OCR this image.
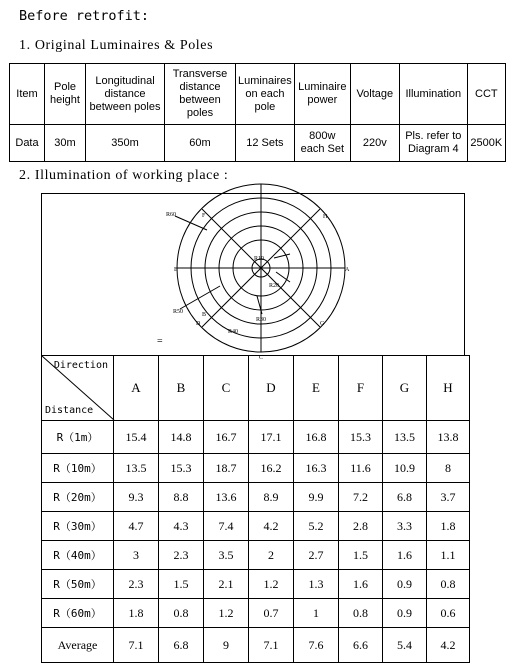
Before retrofit:
1. Original Luminaires & Poles
Item	Pole height	Longitudinal distance between poles	Transverse distance between poles	Luminaires on each pole	Luminaire power	Voltage	Illumination	CCT
Data	30m	350m	60m	12 Sets	800w each Set	220v	Pls. refer to Diagram 4	2500K
2. Illumination of working place :
R60	F	H
E	A
R10
R20
R30
R40
R50
D
B
G
C
=
Direction
Distance	A	B	C	D	E	F	G	H
R（1m）	15.4	14.8	16.7	17.1	16.8	15.3	13.5	13.8
R（10m）	13.5	15.3	18.7	16.2	16.3	11.6	10.9	8
R（20m）	9.3	8.8	13.6	8.9	9.9	7.2	6.8	3.7
R（30m）	4.7	4.3	7.4	4.2	5.2	2.8	3.3	1.8
R（40m）	3	2.3	3.5	2	2.7	1.5	1.6	1.1
R（50m）	2.3	1.5	2.1	1.2	1.3	1.6	0.9	0.8
R（60m）	1.8	0.8	1.2	0.7	1	0.8	0.9	0.6
Average	7.1	6.8	9	7.1	7.6	6.6	5.4	4.2
